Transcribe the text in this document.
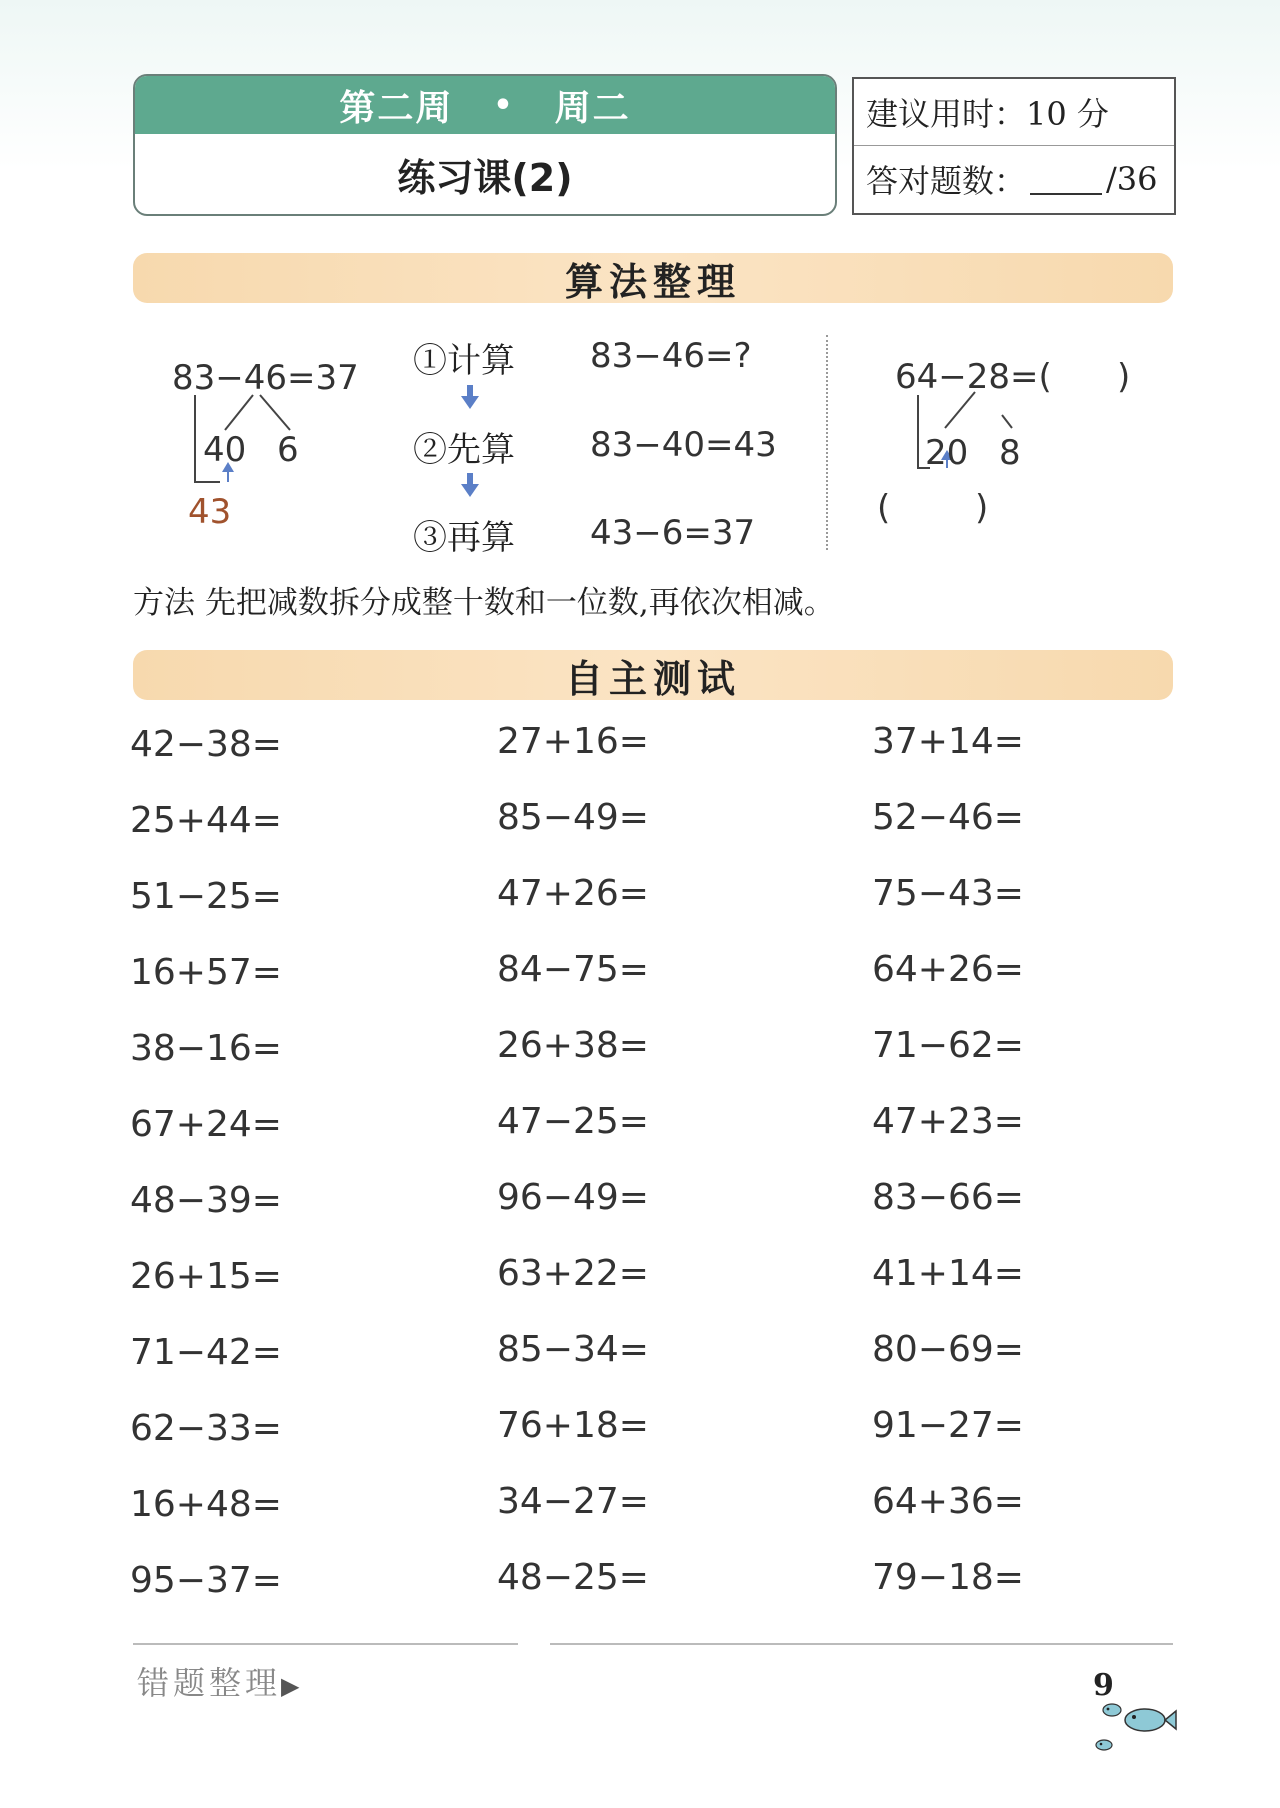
第二周 • 周二
练习课(2)
建议用时：10 分
答对题数：	/36
算法整理
83−46=37
40 6
43
①计算 83−46=?
②先算 83−40=43
③再算 43−6=37
64−28=( )
20 8
( )
方法 先把减数拆分成整十数和一位数,再依次相减。
自主测试
42−38=
25+44=
51−25=
16+57=
38−16=
67+24=
48−39=
26+15=
71−42=
62−33=
16+48=
95−37=
27+16=
85−49=
47+26=
84−75=
26+38=
47−25=
96−49=
63+22=
85−34=
76+18=
34−27=
48−25=
37+14=
52−46=
75−43=
64+26=
71−62=
47+23=
83−66=
41+14=
80−69=
91−27=
64+36=
79−18=
错题整理▶	9
